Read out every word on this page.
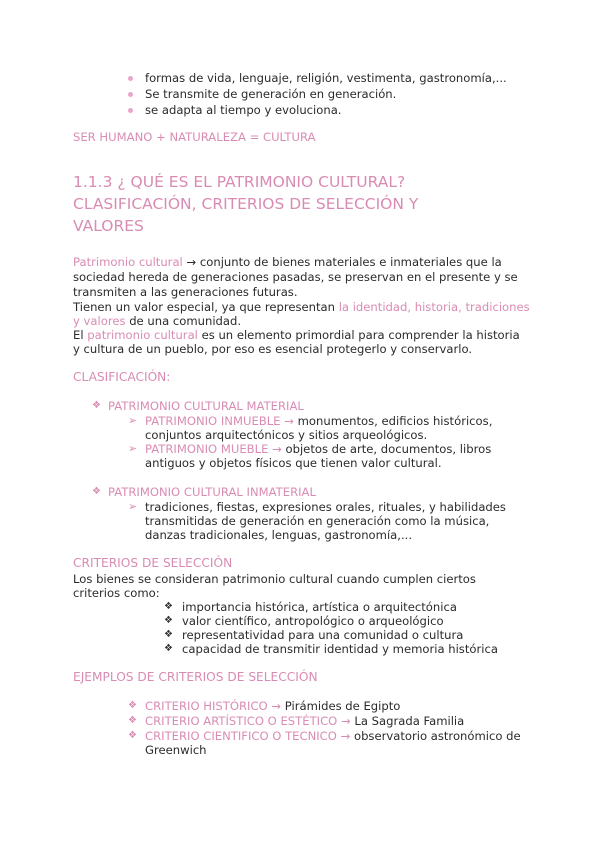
formas de vida, lenguaje, religión, vestimenta, gastronomía,...
Se transmite de generación en generación.
se adapta al tiempo y evoluciona.
SER HUMANO + NATURALEZA = CULTURA
1.1.3 ¿ QUÉ ES EL PATRIMONIO CULTURAL?
CLASIFICACIÓN, CRITERIOS DE SELECCIÓN Y
VALORES
Patrimonio cultural → conjunto de bienes materiales e inmateriales que la
sociedad hereda de generaciones pasadas, se preservan en el presente y se
transmiten a las generaciones futuras.
Tienen un valor especial, ya que representan la identidad, historia, tradiciones
y valores de una comunidad.
El patrimonio cultural es un elemento primordial para comprender la historia
y cultura de un pueblo, por eso es esencial protegerlo y conservarlo.
CLASIFICACIÓN:
❖ PATRIMONIO CULTURAL MATERIAL
➢ PATRIMONIO INMUEBLE → monumentos, edificios históricos,
conjuntos arquitectónicos y sitios arqueológicos.
➢ PATRIMONIO MUEBLE → objetos de arte, documentos, libros
antiguos y objetos físicos que tienen valor cultural.
❖ PATRIMONIO CULTURAL INMATERIAL
➢ tradiciones, fiestas, expresiones orales, rituales, y habilidades
transmitidas de generación en generación como la música,
danzas tradicionales, lenguas, gastronomía,...
CRITERIOS DE SELECCIÓN
Los bienes se consideran patrimonio cultural cuando cumplen ciertos
criterios como:
❖ importancia histórica, artística o arquitectónica
❖ valor científico, antropológico o arqueológico
❖ representatividad para una comunidad o cultura
❖ capacidad de transmitir identidad y memoria histórica
EJEMPLOS DE CRITERIOS DE SELECCIÓN
❖ CRITERIO HISTÓRICO → Pirámides de Egipto
❖ CRITERIO ARTÍSTICO O ESTÉTICO → La Sagrada Familia
❖ CRITERIO CIENTIFICO O TECNICO → observatorio astronómico de
Greenwich
